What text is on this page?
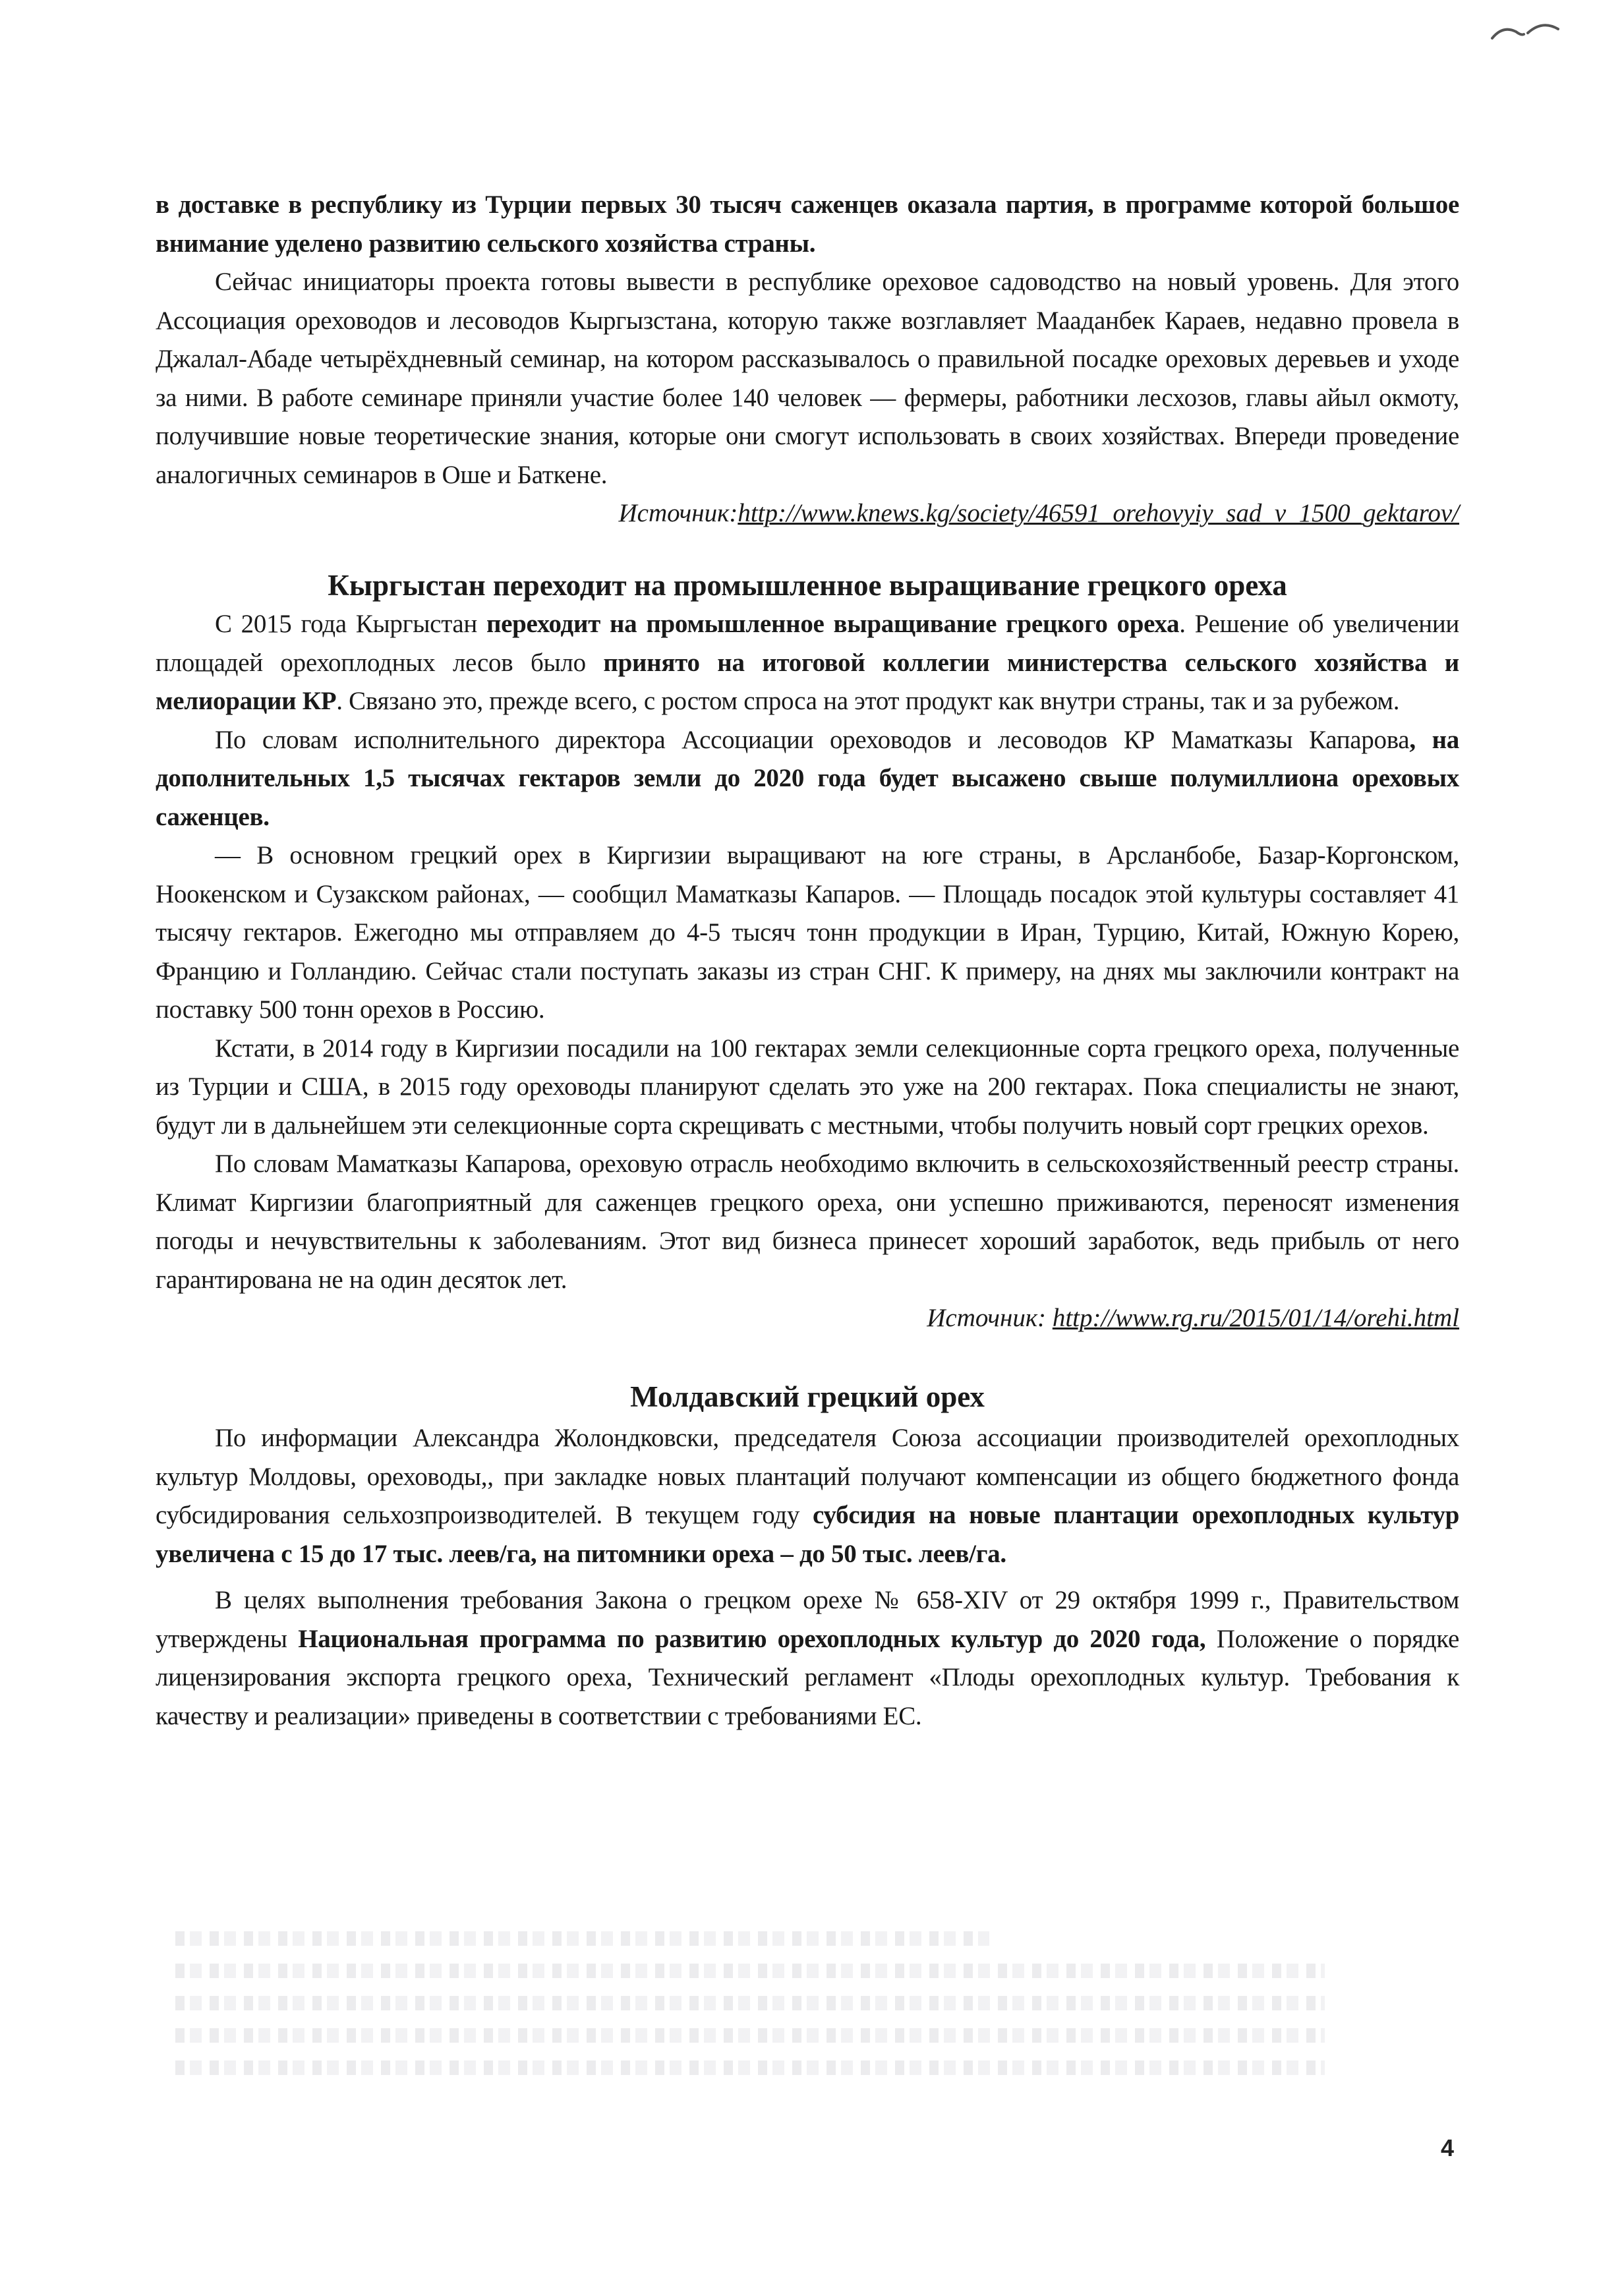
в доставке в республику из Турции первых 30 тысяч саженцев оказала партия, в программе которой большое внимание уделено развитию сельского хозяйства страны.

Сейчас инициаторы проекта готовы вывести в республике ореховое садоводство на новый уровень. Для этого Ассоциация ореховодов и лесоводов Кыргызстана, которую также возглавляет Мааданбек Караев, недавно провела в Джалал-Абаде четырёхдневный семинар, на котором рассказывалось о правильной посадке ореховых деревьев и уходе за ними. В работе семинаре приняли участие более 140 человек — фермеры, работники лесхозов, главы айыл окмоту, получившие новые теоретические знания, которые они смогут использовать в своих хозяйствах. Впереди проведение аналогичных семинаров в Оше и Баткене.

Источник:http://www.knews.kg/society/46591_orehovyiy_sad_v_1500_gektarov/

Кыргыстан переходит на промышленное выращивание грецкого ореха

С 2015 года Кыргыстан переходит на промышленное выращивание грецкого ореха. Решение об увеличении площадей орехоплодных лесов было принято на итоговой коллегии министерства сельского хозяйства и мелиорации КР. Связано это, прежде всего, с ростом спроса на этот продукт как внутри страны, так и за рубежом.

По словам исполнительного директора Ассоциации ореховодов и лесоводов КР Маматказы Капарова, на дополнительных 1,5 тысячах гектаров земли до 2020 года будет высажено свыше полумиллиона ореховых саженцев.

— В основном грецкий орех в Киргизии выращивают на юге страны, в Арсланбобе, Базар-Коргонском, Ноокенском и Сузакском районах, — сообщил Маматказы Капаров. — Площадь посадок этой культуры составляет 41 тысячу гектаров. Ежегодно мы отправляем до 4-5 тысяч тонн продукции в Иран, Турцию, Китай, Южную Корею, Францию и Голландию. Сейчас стали поступать заказы из стран СНГ. К примеру, на днях мы заключили контракт на поставку 500 тонн орехов в Россию.

Кстати, в 2014 году в Киргизии посадили на 100 гектарах земли селекционные сорта грецкого ореха, полученные из Турции и США, в 2015 году ореховоды планируют сделать это уже на 200 гектарах. Пока специалисты не знают, будут ли в дальнейшем эти селекционные сорта скрещивать с местными, чтобы получить новый сорт грецких орехов.

По словам Маматказы Капарова, ореховую отрасль необходимо включить в сельскохозяйственный реестр страны. Климат Киргизии благоприятный для саженцев грецкого ореха, они успешно приживаются, переносят изменения погоды и нечувствительны к заболеваниям. Этот вид бизнеса принесет хороший заработок, ведь прибыль от него гарантирована не на один десяток лет.

Источник: http://www.rg.ru/2015/01/14/orehi.html

Молдавский грецкий орех

По информации Александра Жолондковски, председателя Союза ассоциации производителей орехоплодных культур Молдовы, ореховоды,, при закладке новых плантаций получают компенсации из общего бюджетного фонда субсидирования сельхозпроизводителей. В текущем году субсидия на новые плантации орехоплодных культур увеличена с 15 до 17 тыс. леев/га, на питомники ореха – до 50 тыс. леев/га.

В целях выполнения требования Закона о грецком орехе № 658-XIV от 29 октября 1999 г., Правительством утверждены Национальная программа по развитию орехоплодных культур до 2020 года, Положение о порядке лицензирования экспорта грецкого ореха, Технический регламент «Плоды орехоплодных культур. Требования к качеству и реализации» приведены в соответствии с требованиями ЕС.

4
